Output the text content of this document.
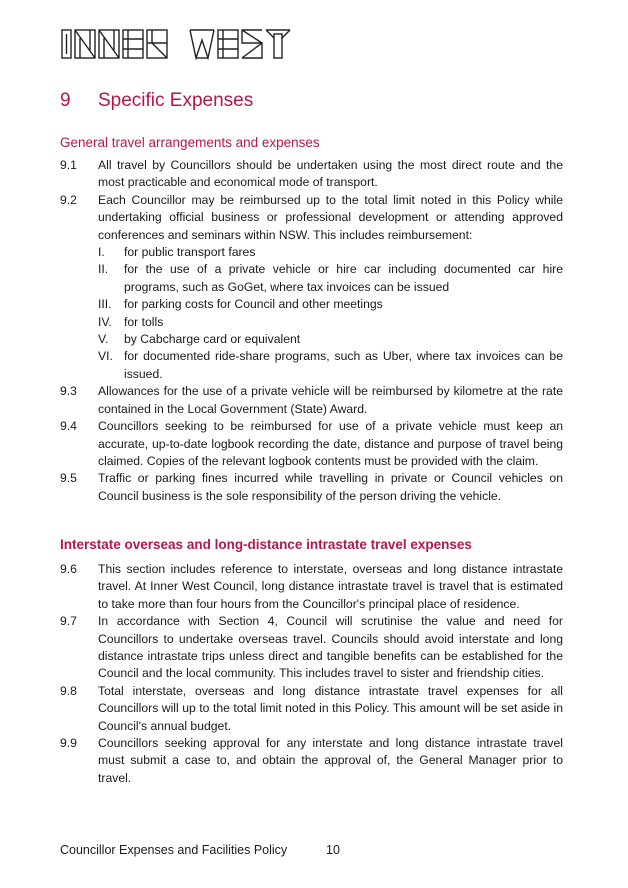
9 Specific Expenses
General travel arrangements and expenses
9.1	All travel by Councillors should be undertaken using the most direct route and the most practicable and economical mode of transport.
9.2	Each Councillor may be reimbursed up to the total limit noted in this Policy while undertaking official business or professional development or attending approved conferences and seminars within NSW. This includes reimbursement:
I.	for public transport fares
II.	for the use of a private vehicle or hire car including documented car hire programs, such as GoGet, where tax invoices can be issued
III.	for parking costs for Council and other meetings
IV.	for tolls
V.	by Cabcharge card or equivalent
VI. for documented ride-share programs, such as Uber, where tax invoices can be issued.
9.3	Allowances for the use of a private vehicle will be reimbursed by kilometre at the rate contained in the Local Government (State) Award.
9.4	Councillors seeking to be reimbursed for use of a private vehicle must keep an accurate, up-to-date logbook recording the date, distance and purpose of travel being claimed. Copies of the relevant logbook contents must be provided with the claim.
9.5	Traffic or parking fines incurred while travelling in private or Council vehicles on Council business is the sole responsibility of the person driving the vehicle.
Interstate overseas and long-distance intrastate travel expenses
9.6	This section includes reference to interstate, overseas and long distance intrastate travel. At Inner West Council, long distance intrastate travel is travel that is estimated to take more than four hours from the Councillor's principal place of residence.
9.7	In accordance with Section 4, Council will scrutinise the value and need for Councillors to undertake overseas travel. Councils should avoid interstate and long distance intrastate trips unless direct and tangible benefits can be established for the Council and the local community. This includes travel to sister and friendship cities.
9.8	Total interstate, overseas and long distance intrastate travel expenses for all Councillors will up to the total limit noted in this Policy. This amount will be set aside in Council's annual budget.
9.9	Councillors seeking approval for any interstate and long distance intrastate travel must submit a case to, and obtain the approval of, the General Manager prior to travel.
Councillor Expenses and Facilities Policy	10
